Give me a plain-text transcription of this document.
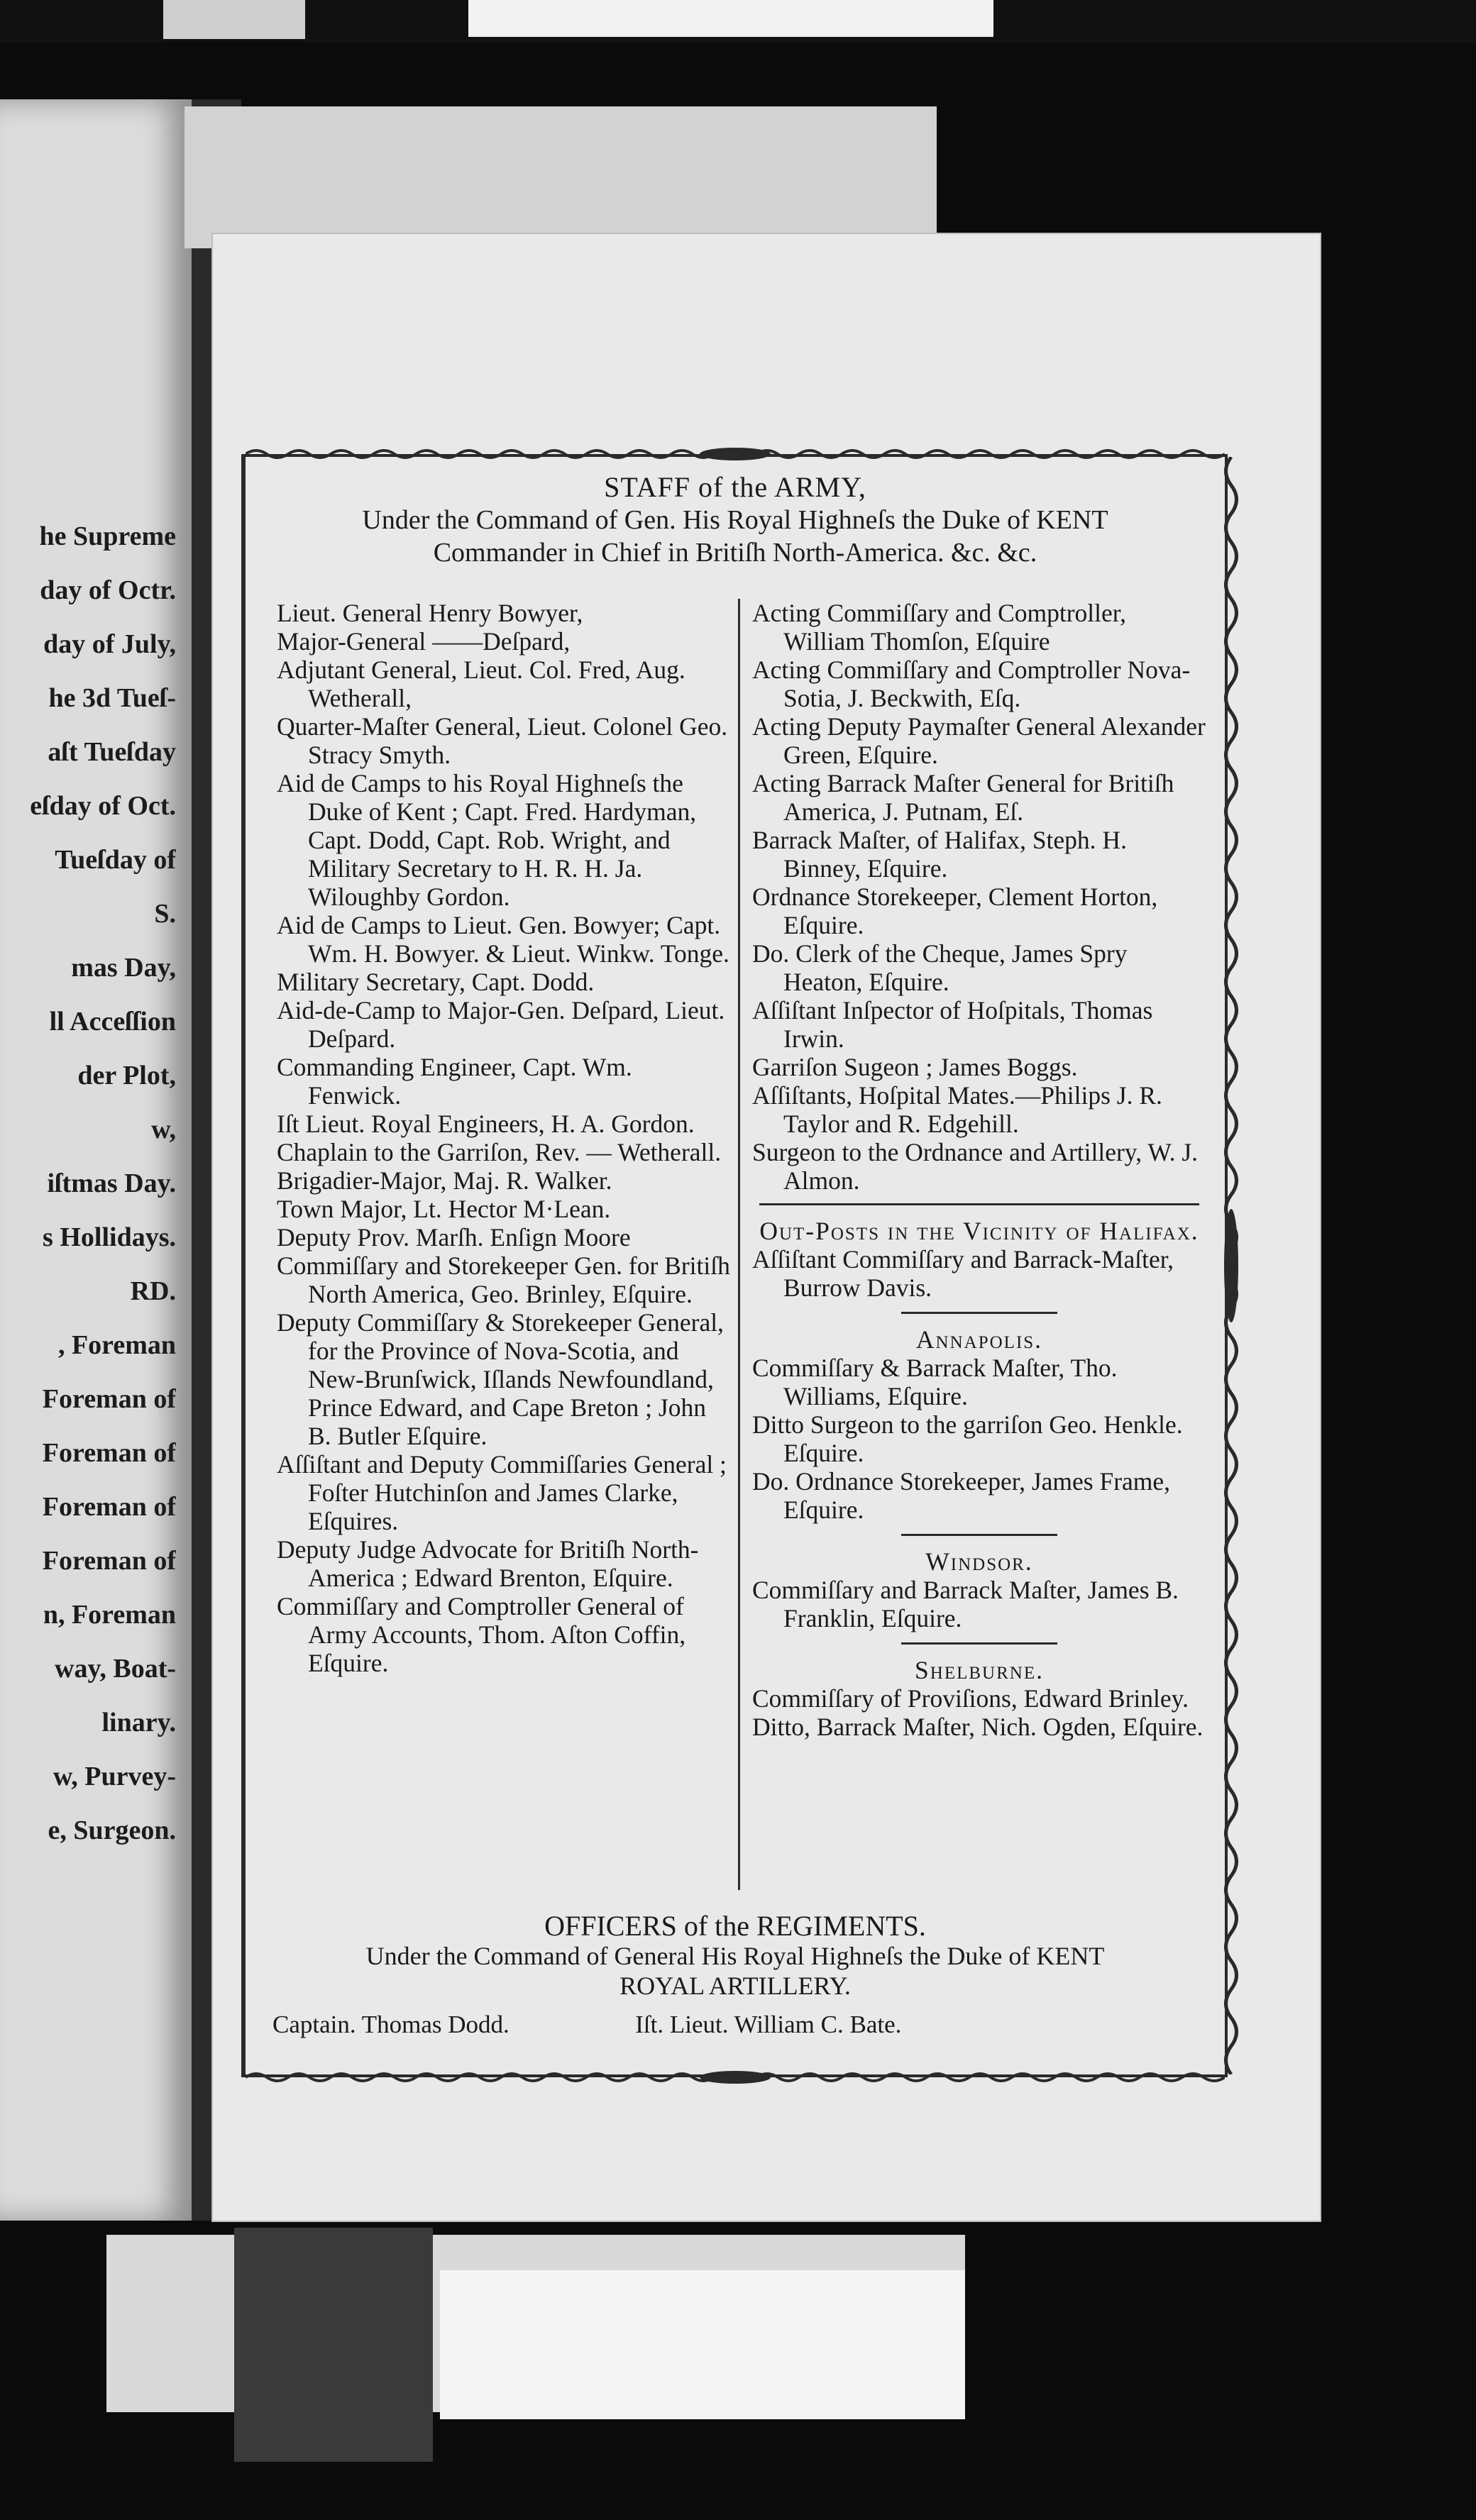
he Supreme
day of Octr.
day of July,
he 3d Tueſ-
aſt Tueſday
eſday of Oct.
Tueſday of
S.
mas Day,
ll Acceſſion
der Plot,
w,
iſtmas Day.
s Hollidays.
RD.
, Foreman
Foreman of
Foreman of
Foreman of
Foreman of
n, Foreman
way, Boat-
linary.
w, Purvey-
e, Surgeon.
STAFF of the ARMY,
Under the Command of Gen. His Royal Highneſs the Duke of KENT
Commander in Chief in Britiſh North-America. &c. &c.
Lieut. General Henry Bowyer,
Major-General ——Deſpard,
Adjutant General, Lieut. Col. Fred, Aug. Wetherall,
Quarter-Maſter General, Lieut. Colonel Geo. Stracy Smyth.
Aid de Camps to his Royal Highneſs the Duke of Kent ; Capt. Fred. Hardyman, Capt. Dodd, Capt. Rob. Wright, and Military Secretary to H. R. H. Ja. Wiloughby Gordon.
Aid de Camps to Lieut. Gen. Bowyer; Capt. Wm. H. Bowyer. & Lieut. Winkw. Tonge.
Military Secretary, Capt. Dodd.
Aid-de-Camp to Major-Gen. Deſpard, Lieut. Deſpard.
Commanding Engineer, Capt. Wm. Fenwick.
Iſt Lieut. Royal Engineers, H. A. Gordon.
Chaplain to the Garriſon, Rev. — Wetherall.
Brigadier-Major, Maj. R. Walker.
Town Major, Lt. Hector M·Lean.
Deputy Prov. Marſh. Enſign Moore
Commiſſary and Storekeeper Gen. for Britiſh North America, Geo. Brinley, Eſquire.
Deputy Commiſſary & Storekeeper General, for the Province of Nova-Scotia, and New-Brunſwick, Iſlands Newfoundland, Prince Edward, and Cape Breton ; John B. Butler Eſquire.
Aſſiſtant and Deputy Commiſſaries General ; Foſter Hutchinſon and James Clarke, Eſquires.
Deputy Judge Advocate for Britiſh North-America ; Edward Brenton, Eſquire.
Commiſſary and Comptroller General of Army Accounts, Thom. Aſton Coffin, Eſquire.
Acting Commiſſary and Comptroller, William Thomſon, Eſquire
Acting Commiſſary and Comptroller Nova-Sotia, J. Beckwith, Eſq.
Acting Deputy Paymaſter General Alexander Green, Eſquire.
Acting Barrack Maſter General for Britiſh America, J. Putnam, Eſ.
Barrack Maſter, of Halifax, Steph. H. Binney, Eſquire.
Ordnance Storekeeper, Clement Horton, Eſquire.
Do. Clerk of the Cheque, James Spry Heaton, Eſquire.
Aſſiſtant Inſpector of Hoſpitals, Thomas Irwin.
Garriſon Sugeon ; James Boggs.
Aſſiſtants, Hoſpital Mates.—Philips J. R. Taylor and R. Edgehill.
Surgeon to the Ordnance and Artillery, W. J. Almon.
Out-Posts in the Vicinity of Halifax.
Aſſiſtant Commiſſary and Barrack-Maſter, Burrow Davis.
Annapolis.
Commiſſary & Barrack Maſter, Tho. Williams, Eſquire.
Ditto Surgeon to the garriſon Geo. Henkle. Eſquire.
Do. Ordnance Storekeeper, James Frame, Eſquire.
Windsor.
Commiſſary and Barrack Maſter, James B. Franklin, Eſquire.
Shelburne.
Commiſſary of Proviſions, Edward Brinley.
Ditto, Barrack Maſter, Nich. Ogden, Eſquire.
OFFICERS of the REGIMENTS.
Under the Command of General His Royal Highneſs the Duke of KENT
ROYAL ARTILLERY.
Captain. Thomas Dodd.	Iſt. Lieut. William C. Bate.
